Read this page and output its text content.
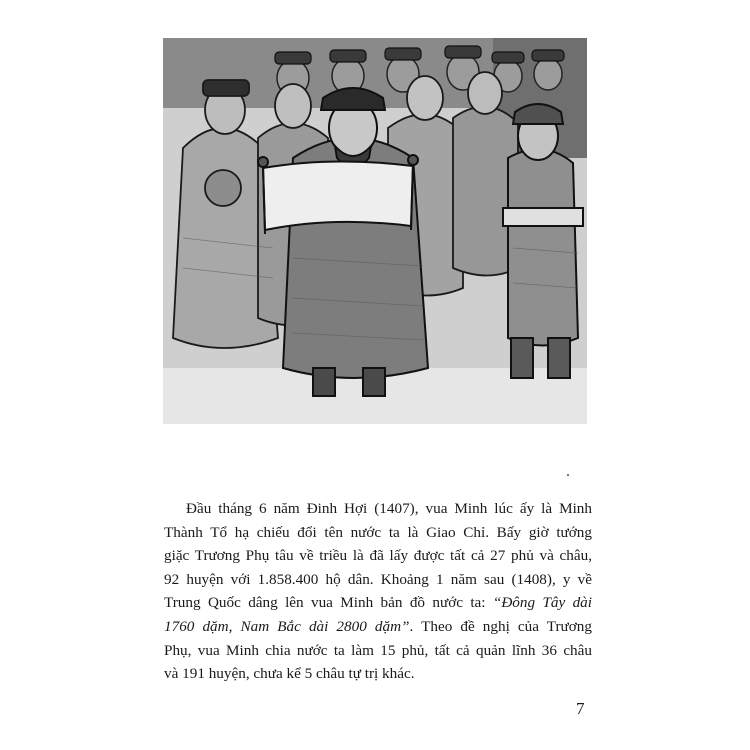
Đầu tháng 6 năm Đinh Hợi (1407), vua Minh lúc ấy là Minh
Thành Tổ hạ chiếu đổi tên nước ta là Giao Chỉ. Bấy giờ tướng
giặc Trương Phụ tâu về triều là đã lấy được tất cả 27 phủ và châu,
92 huyện với 1.858.400 hộ dân. Khoảng 1 năm sau (1408), y về
Trung Quốc dâng lên vua Minh bản đồ nước ta: “Đông Tây dài
1760 dặm, Nam Bắc dài 2800 dặm”. Theo đề nghị của Trương
Phụ, vua Minh chia nước ta làm 15 phủ, tất cả quản lĩnh 36 châu
và 191 huyện, chưa kể 5 châu tự trị khác.

7
